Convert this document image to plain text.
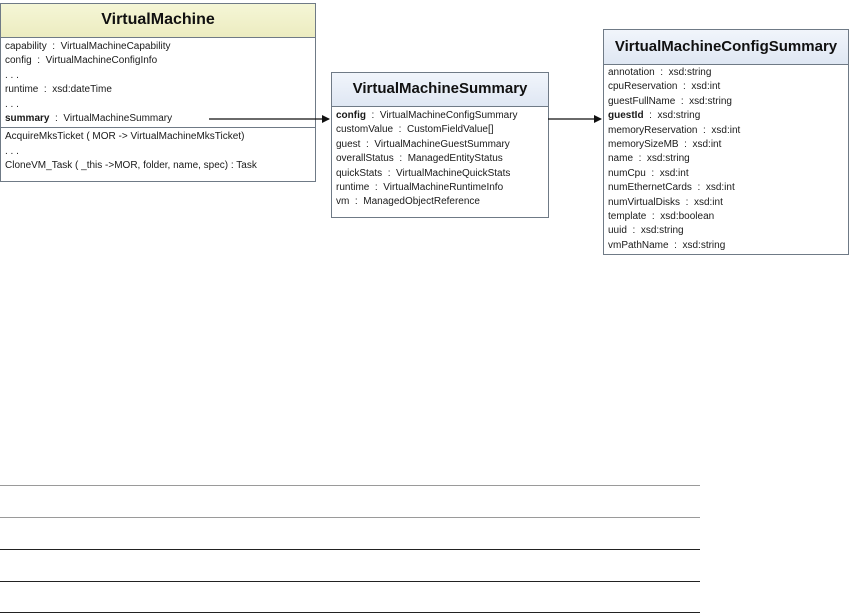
VirtualMachine
capability  :  VirtualMachineCapability
config  :  VirtualMachineConfigInfo
. . .
runtime  :  xsd:dateTime
. . .
summary  :  VirtualMachineSummary
AcquireMksTicket ( MOR -> VirtualMachineMksTicket)
. . .
CloneVM_Task ( _this ->MOR, folder, name, spec) : Task
VirtualMachineSummary
config  :  VirtualMachineConfigSummary
customValue  :  CustomFieldValue[]
guest  :  VirtualMachineGuestSummary
overallStatus  :  ManagedEntityStatus
quickStats  :  VirtualMachineQuickStats
runtime  :  VirtualMachineRuntimeInfo
vm  :  ManagedObjectReference
VirtualMachineConfigSummary
annotation  :  xsd:string
cpuReservation  :  xsd:int
guestFullName  :  xsd:string
guestId  :  xsd:string
memoryReservation  :  xsd:int
memorySizeMB  :  xsd:int
name  :  xsd:string
numCpu  :  xsd:int
numEthernetCards  :  xsd:int
numVirtualDisks  :  xsd:int
template  :  xsd:boolean
uuid  :  xsd:string
vmPathName  :  xsd:string
